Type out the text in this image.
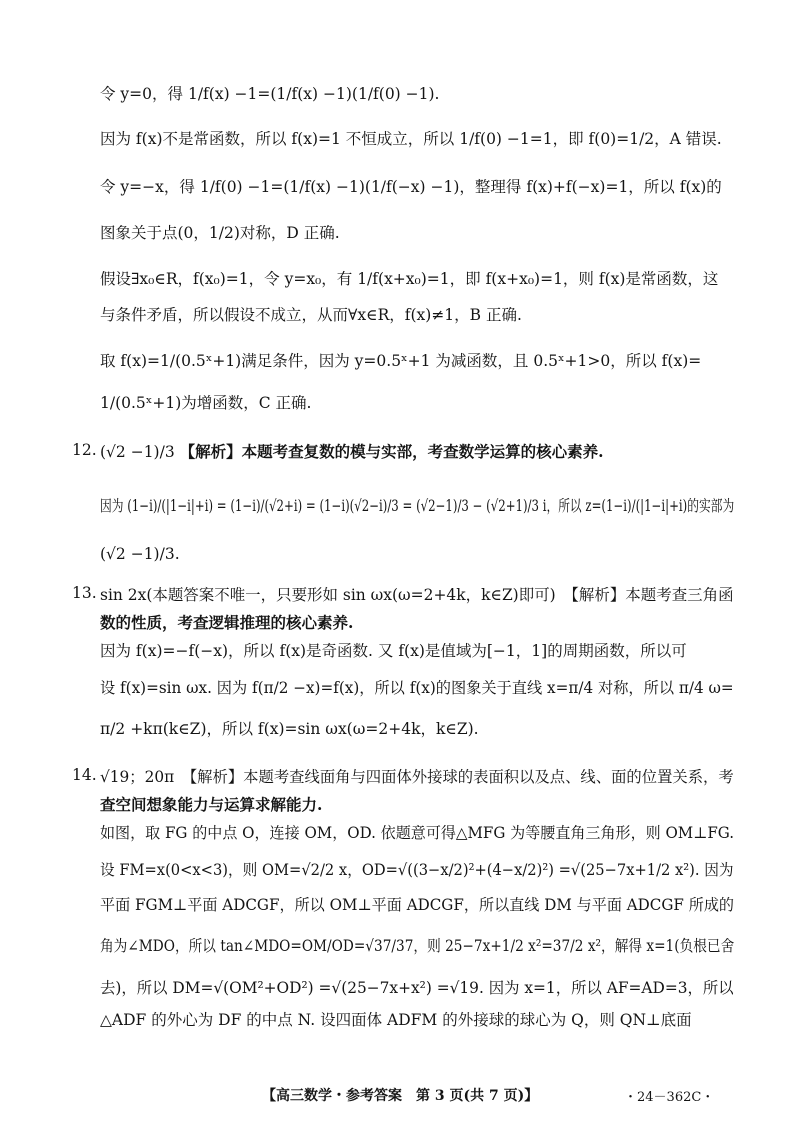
令 y=0，得 1/f(x) −1=(1/f(x) −1)(1/f(0) −1).
因为 f(x)不是常函数，所以 f(x)=1 不恒成立，所以 1/f(0) −1=1，即 f(0)=1/2，A 错误.
令 y=−x，得 1/f(0) −1=(1/f(x) −1)(1/f(−x) −1)，整理得 f(x)+f(−x)=1，所以 f(x)的
图象关于点(0，1/2)对称，D 正确.
假设∃x₀∈R，f(x₀)=1，令 y=x₀，有 1/f(x+x₀)=1，即 f(x+x₀)=1，则 f(x)是常函数，这
与条件矛盾，所以假设不成立，从而∀x∈R，f(x)≠1，B 正确.
取 f(x)=1/(0.5ˣ+1)满足条件，因为 y=0.5ˣ+1 为减函数，且 0.5ˣ+1>0，所以 f(x)=
1/(0.5ˣ+1)为增函数，C 正确.
12. (√2 −1)/3 【解析】本题考查复数的模与实部，考查数学运算的核心素养.
因为 (1−i)/(|1−i|+i) = (1−i)/(√2+i) = (1−i)(√2−i)/3 = (√2−1)/3 − (√2+1)/3 i，所以 z=(1−i)/(|1−i|+i)的实部为
(√2 −1)/3.
13. sin 2x(本题答案不唯一，只要形如 sin ωx(ω=2+4k，k∈Z)即可)　【解析】本题考查三角函
数的性质，考查逻辑推理的核心素养.
因为 f(x)=−f(−x)，所以 f(x)是奇函数. 又 f(x)是值域为[−1，1]的周期函数，所以可
设 f(x)=sin ωx. 因为 f(π/2 −x)=f(x)，所以 f(x)的图象关于直线 x=π/4 对称，所以 π/4 ω=
π/2 +kπ(k∈Z)，所以 f(x)=sin ωx(ω=2+4k，k∈Z).
14. √19；20π　【解析】本题考查线面角与四面体外接球的表面积以及点、线、面的位置关系，考
查空间想象能力与运算求解能力.
如图，取 FG 的中点 O，连接 OM，OD. 依题意可得△MFG 为等腰直角三角形，则 OM⊥FG.
设 FM=x(0<x<3)，则 OM=√2/2 x，OD=√((3−x/2)²+(4−x/2)²) =√(25−7x+1/2 x²). 因为
平面 FGM⊥平面 ADCGF，所以 OM⊥平面 ADCGF，所以直线 DM 与平面 ADCGF 所成的
角为∠MDO，所以 tan∠MDO=OM/OD=√37/37，则 25−7x+1/2 x²=37/2 x²，解得 x=1(负根已舍
去)，所以 DM=√(OM²+OD²) =√(25−7x+x²) =√19. 因为 x=1，所以 AF=AD=3，所以
△ADF 的外心为 DF 的中点 N. 设四面体 ADFM 的外接球的球心为 Q，则 QN⊥底面
【高三数学・参考答案　第 3 页(共 7 页)】	・24－362C・
